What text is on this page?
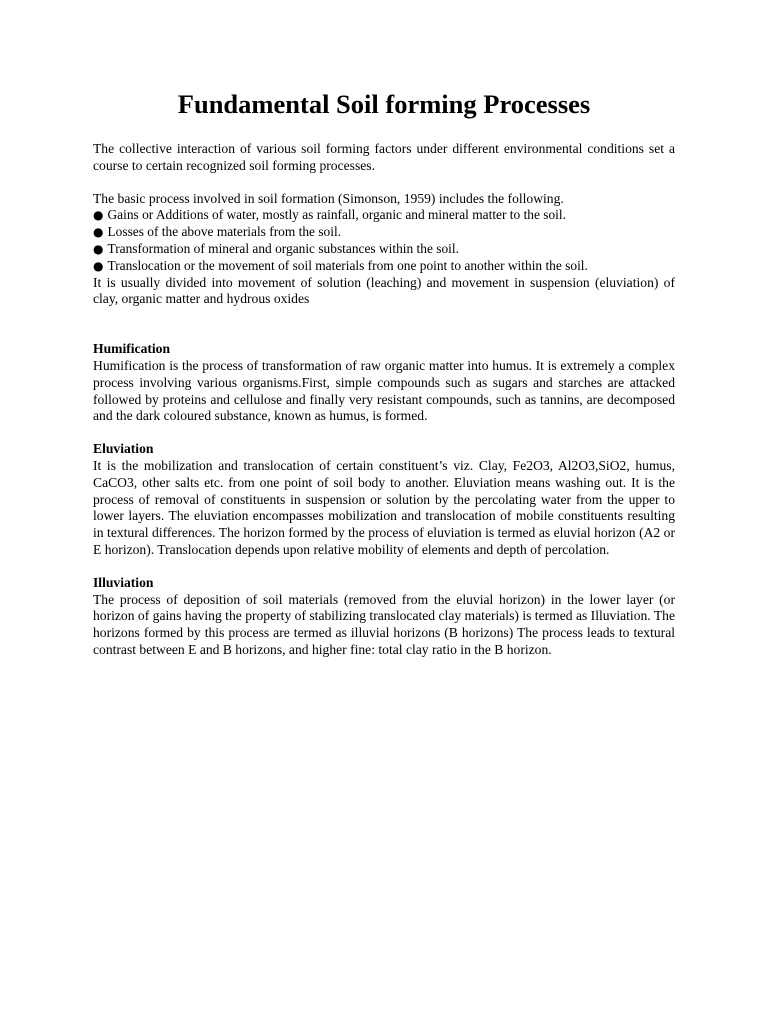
Fundamental Soil forming Processes

The collective interaction of various soil forming factors under different environmental conditions set a course to certain recognized soil forming processes.

The basic process involved in soil formation (Simonson, 1959) includes the following.

● Gains or Additions of water, mostly as rainfall, organic and mineral matter to the soil.
● Losses of the above materials from the soil.
● Transformation of mineral and organic substances within the soil.
● Translocation or the movement of soil materials from one point to another within the soil.

It is usually divided into movement of solution (leaching) and movement in suspension (eluviation) of clay, organic matter and hydrous oxides

Humification

Humification is the process of transformation of raw organic matter into humus. It is extremely a complex process involving various organisms.First, simple compounds such as sugars and starches are attacked followed by proteins and cellulose and finally very resistant compounds, such as tannins, are decomposed and the dark coloured substance, known as humus, is formed.

Eluviation

It is the mobilization and translocation of certain constituent’s viz. Clay, Fe2O3, Al2O3,SiO2, humus, CaCO3, other salts etc. from one point of soil body to another. Eluviation means washing out. It is the process of removal of constituents in suspension or solution by the percolating water from the upper to lower layers. The eluviation encompasses mobilization and translocation of mobile constituents resulting in textural differences. The horizon formed by the process of eluviation is termed as eluvial horizon (A2 or E horizon). Translocation depends upon relative mobility of elements and depth of percolation.

Illuviation

The process of deposition of soil materials (removed from the eluvial horizon) in the lower layer (or horizon of gains having the property of stabilizing translocated clay materials) is termed as Illuviation. The horizons formed by this process are termed as illuvial horizons (B horizons) The process leads to textural contrast between E and B horizons, and higher fine: total clay ratio in the B horizon.
